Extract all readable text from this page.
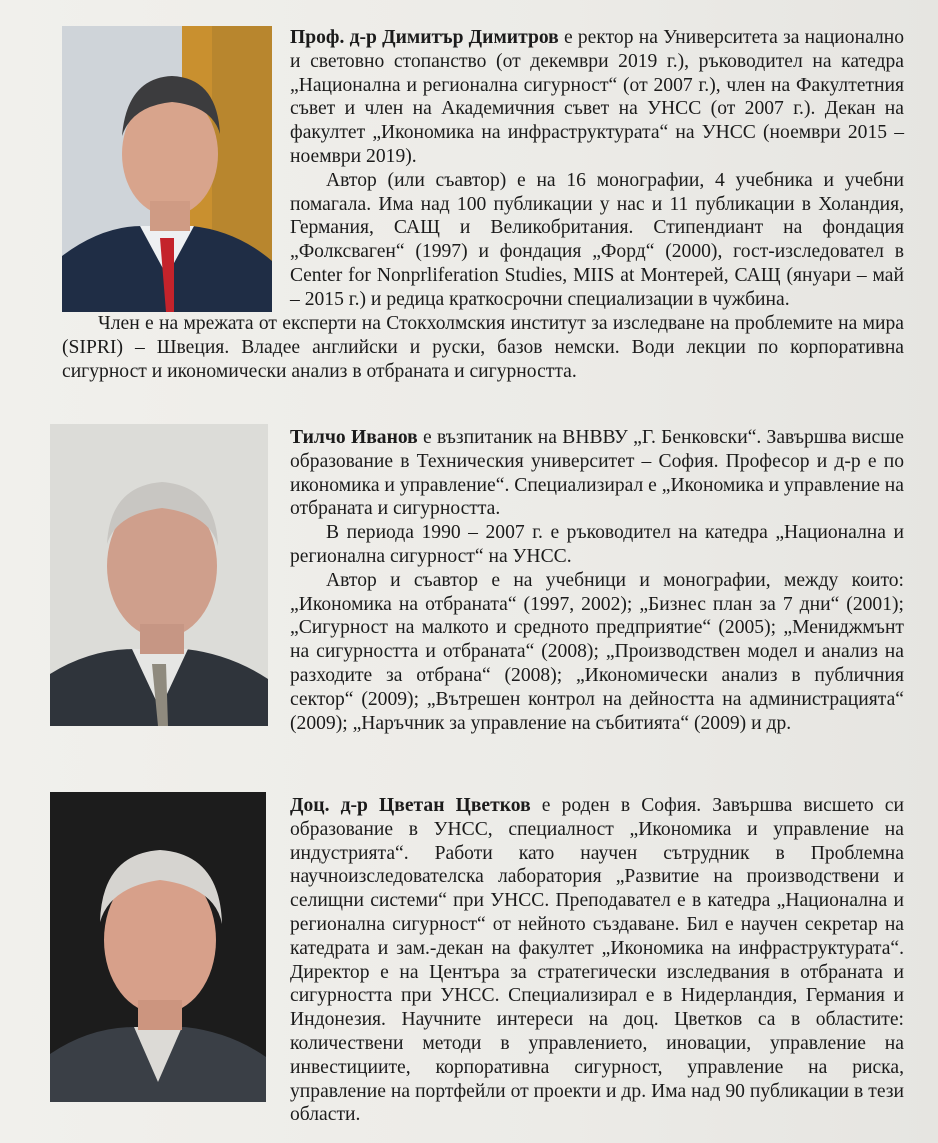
Проф. д-р Димитър Димитров е ректор на Университета за национално и световно стопанство (от декември 2019 г.), ръководител на катедра „Национална и регионална сигурност“ (от 2007 г.), член на Факултетния съвет и член на Академичния съвет на УНСС (от 2007 г.). Декан на факултет „Икономика на инфраструктурата“ на УНСС (ноември 2015 – ноември 2019).

Автор (или съавтор) е на 16 монографии, 4 учебника и учебни помагала. Има над 100 публикации у нас и 11 публикации в Холандия, Германия, САЩ и Великобритания. Стипендиант на фондация „Фолксваген“ (1997) и фондация „Форд“ (2000), гост-изследовател в Center for Nonprliferation Studies, MIIS at Монтерей, САЩ (януари – май – 2015 г.) и редица краткосрочни специализации в чужбина.

Член е на мрежата от експерти на Стокхолмския институт за изследване на проблемите на мира (SIPRI) – Швеция. Владее английски и руски, базов немски. Води лекции по корпоративна сигурност и икономически анализ в отбраната и сигурността.

Тилчо Иванов е възпитаник на ВНВВУ „Г. Бенковски“. Завършва висше образование в Техническия университет – София. Професор и д-р е по икономика и управление“. Специализирал е „Икономика и управление на отбраната и сигурността.

В периода 1990 – 2007 г. е ръководител на катедра „Национална и регионална сигурност“ на УНСС.

Автор и съавтор е на учебници и монографии, между които: „Икономика на отбраната“ (1997, 2002); „Бизнес план за 7 дни“ (2001); „Сигурност на малкото и средното предприятие“ (2005); „Мениджмънт на сигурността и отбраната“ (2008); „Производствен модел и анализ на разходите за отбрана“ (2008); „Икономически анализ в публичния сектор“ (2009); „Вътрешен контрол на дейността на администрацията“ (2009); „Наръчник за управление на събитията“ (2009) и др.

Доц. д-р Цветан Цветков е роден в София. Завършва висшето си образование в УНСС, специалност „Икономика и управление на индустрията“. Работи като научен сътрудник в Проблемна научноизследователска лаборатория „Развитие на производствени и селищни системи“ при УНСС. Преподавател е в катедра „Национална и регионална сигурност“ от нейното създаване. Бил е научен секретар на катедрата и зам.-декан на факултет „Икономика на инфраструктурата“. Директор е на Центъра за стратегически изследвания в отбраната и сигурността при УНСС. Специализирал е в Нидерландия, Германия и Индонезия. Научните интереси на доц. Цветков са в областите: количествени методи в управлението, иновации, управление на инвестициите, корпоративна сигурност, управление на риска, управление на портфейли от проекти и др. Има над 90 публикации в тези области.
